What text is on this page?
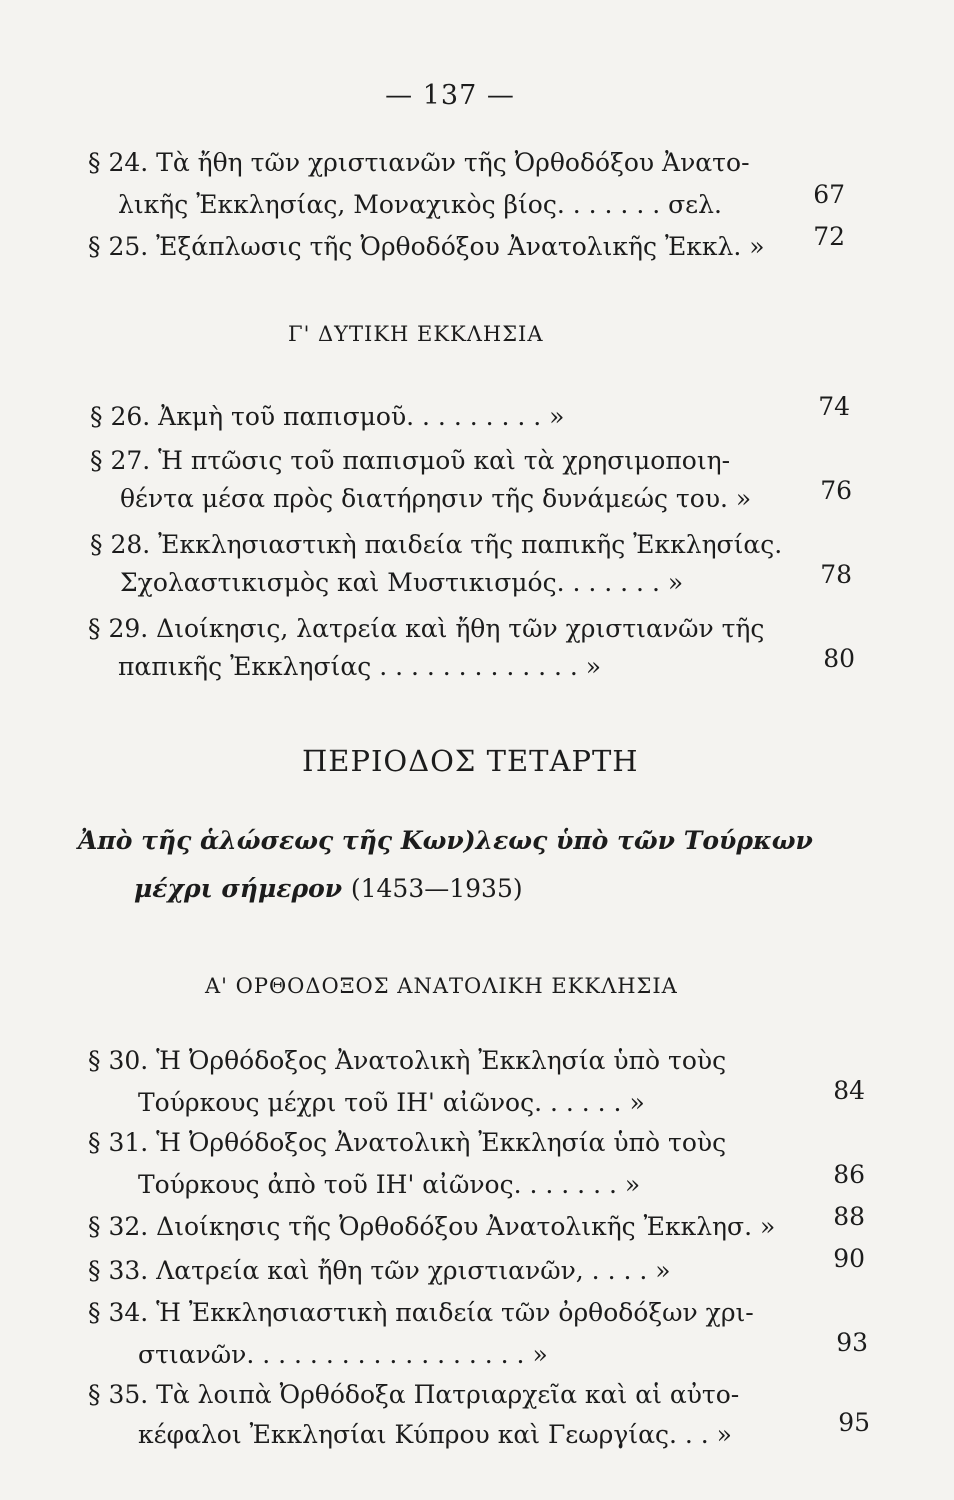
— 137 —
§ 24. Τὰ ἤθη τῶν χριστιανῶν τῆς Ὀρθοδόξου Ἀνατο-
λικῆς Ἐκκλησίας, Μοναχικὸς βίος. . . . . . . σελ.	67
§ 25. Ἐξάπλωσις τῆς Ὀρθοδόξου Ἀνατολικῆς Ἐκκλ. »	72
Γ' ΔΥΤΙΚΗ ΕΚΚΛΗΣΙΑ
§ 26. Ἀκμὴ τοῦ παπισμοῦ. . . . . . . . . »	74
§ 27. Ἡ πτῶσις τοῦ παπισμοῦ καὶ τὰ χρησιμοποιη-
θέντα μέσα πρὸς διατήρησιν τῆς δυνάμεώς του. »	76
§ 28. Ἐκκλησιαστικὴ παιδεία τῆς παπικῆς Ἐκκλησίας.
Σχολαστικισμὸς καὶ Μυστικισμός. . . . . . . »	78
§ 29. Διοίκησις, λατρεία καὶ ἤθη τῶν χριστιανῶν τῆς
παπικῆς Ἐκκλησίας . . . . . . . . . . . . . »	80
ΠΕΡΙΟΔΟΣ ΤΕΤΑΡΤΗ
Ἀπὸ τῆς ἁλώσεως τῆς Κων)λεως ὑπὸ τῶν Τούρκων
μέχρι σήμερον (1453—1935)
Α' ΟΡΘΟΔΟΞΟΣ ΑΝΑΤΟΛΙΚΗ ΕΚΚΛΗΣΙΑ
§ 30. Ἡ Ὀρθόδοξος Ἀνατολικὴ Ἐκκλησία ὑπὸ τοὺς
Τούρκους μέχρι τοῦ ΙΗ' αἰῶνος. . . . . . »	84
§ 31. Ἡ Ὀρθόδοξος Ἀνατολικὴ Ἐκκλησία ὑπὸ τοὺς
Τούρκους ἀπὸ τοῦ ΙΗ' αἰῶνος. . . . . . . »	86
§ 32. Διοίκησις τῆς Ὀρθοδόξου Ἀνατολικῆς Ἐκκλησ. »	88
§ 33. Λατρεία καὶ ἤθη τῶν χριστιανῶν, . . . . »	90
§ 34. Ἡ Ἐκκλησιαστικὴ παιδεία τῶν ὀρθοδόξων χρι-
στιανῶν. . . . . . . . . . . . . . . . . . »	93
§ 35. Τὰ λοιπὰ Ὀρθόδοξα Πατριαρχεῖα καὶ αἱ αὐτο-
κέφαλοι Ἐκκλησίαι Κύπρου καὶ Γεωργίας. . . »	95
